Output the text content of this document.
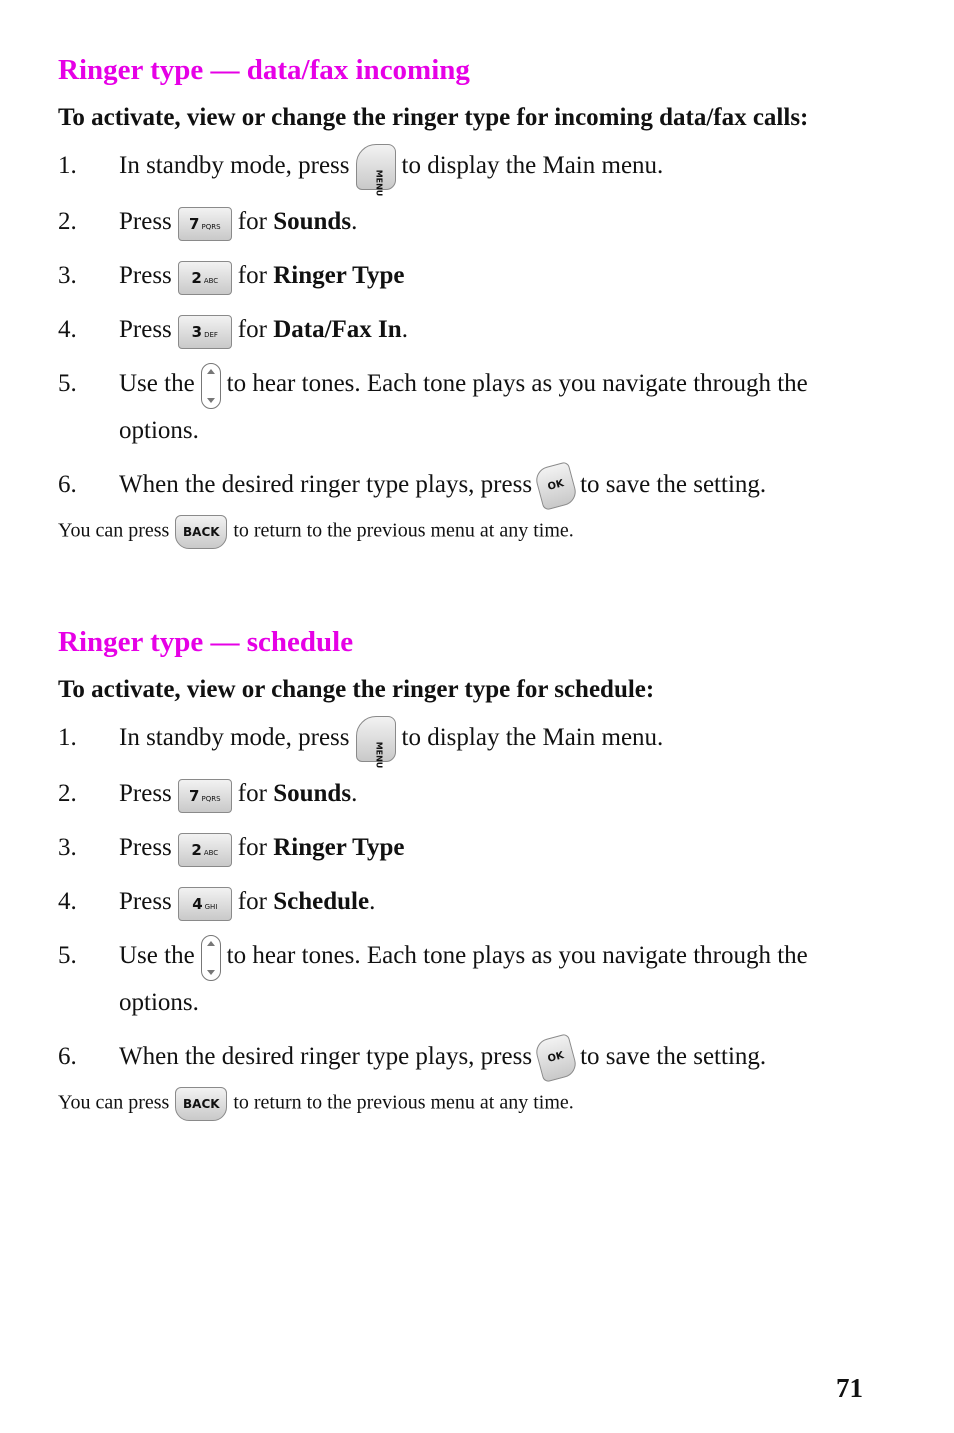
Ringer type — data/fax incoming

To activate, view or change the ringer type for incoming data/fax calls:

1. In standby mode, press
MENU
to display the Main menu.
2. Press 7 PQRS for Sounds.
3. Press 2 ABC for Ringer Type
4. Press 3 DEF for Data/Fax In.
5. Use the to hear tones. Each tone plays as you navigate through the options.
6. When the desired ringer type plays, press OK to save the setting.
You can press BACK to return to the previous menu at any time.
Ringer type — schedule

To activate, view or change the ringer type for schedule:

1. In standby mode, press
MENU
to display the Main menu.
2. Press 7 PQRS for Sounds.
3. Press 2 ABC for Ringer Type
4. Press 4 GHI for Schedule.
5. Use the to hear tones. Each tone plays as you navigate through the options.
6. When the desired ringer type plays, press OK to save the setting.
You can press BACK to return to the previous menu at any time.
71
